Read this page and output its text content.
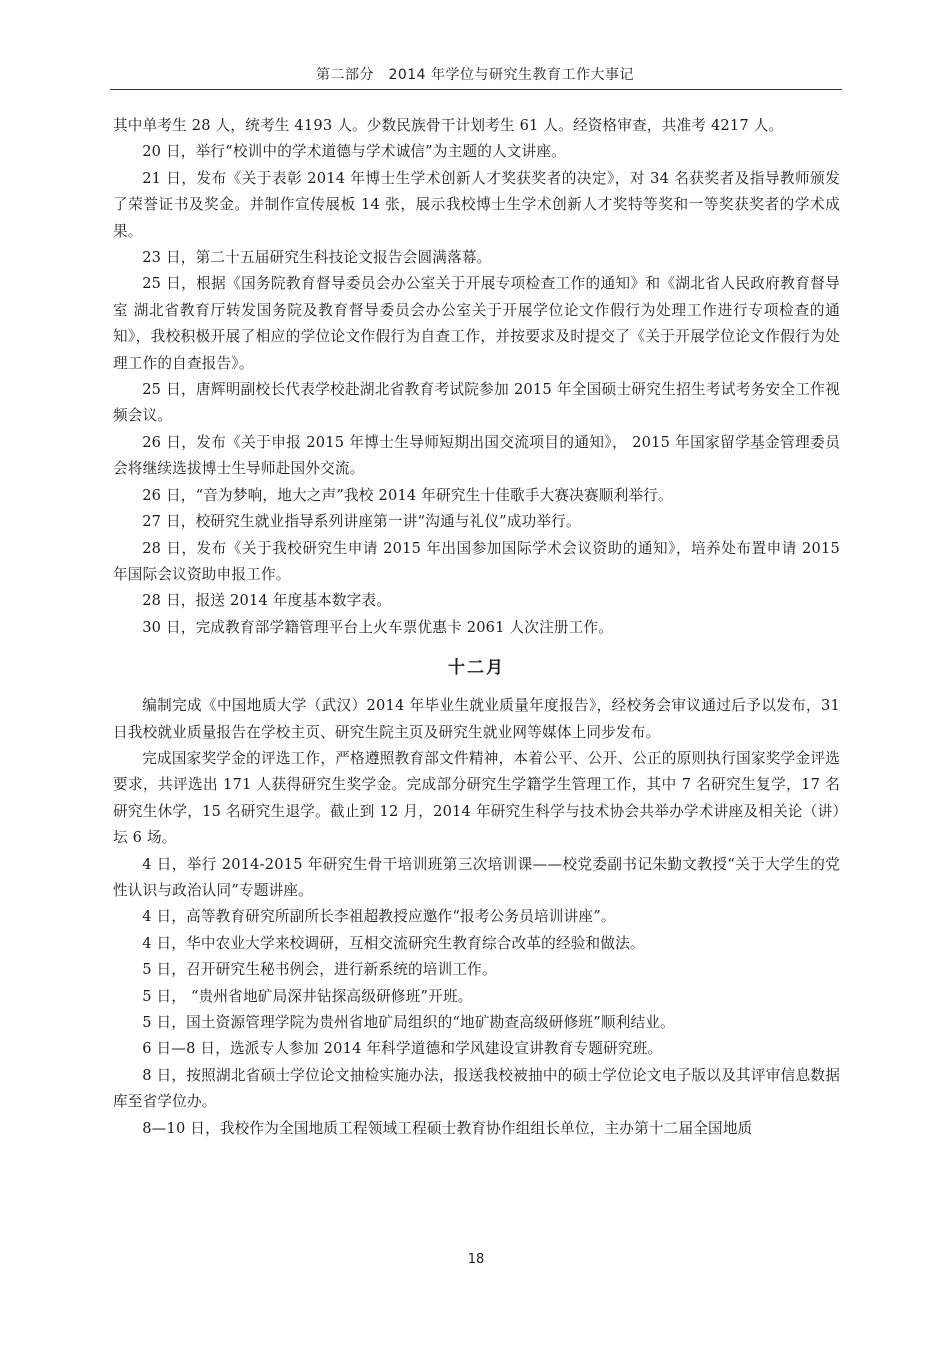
第二部分　2014 年学位与研究生教育工作大事记

其中单考生 28 人，统考生 4193 人。少数民族骨干计划考生 61 人。经资格审查，共准考 4217 人。

20 日，举行“校训中的学术道德与学术诚信”为主题的人文讲座。

21 日，发布《关于表彰 2014 年博士生学术创新人才奖获奖者的决定》，对 34 名获奖者及指导教师颁发了荣誉证书及奖金。并制作宣传展板 14 张，展示我校博士生学术创新人才奖特等奖和一等奖获奖者的学术成果。

23 日，第二十五届研究生科技论文报告会圆满落幕。

25 日，根据《国务院教育督导委员会办公室关于开展专项检查工作的通知》和《湖北省人民政府教育督导室 湖北省教育厅转发国务院及教育督导委员会办公室关于开展学位论文作假行为处理工作进行专项检查的通知》，我校积极开展了相应的学位论文作假行为自查工作，并按要求及时提交了《关于开展学位论文作假行为处理工作的自查报告》。

25 日，唐辉明副校长代表学校赴湖北省教育考试院参加 2015 年全国硕士研究生招生考试考务安全工作视频会议。

26 日，发布《关于申报 2015 年博士生导师短期出国交流项目的通知》， 2015 年国家留学基金管理委员会将继续选拔博士生导师赴国外交流。

26 日，“音为梦响，地大之声”我校 2014 年研究生十佳歌手大赛决赛顺利举行。

27 日，校研究生就业指导系列讲座第一讲“沟通与礼仪”成功举行。

28 日，发布《关于我校研究生申请 2015 年出国参加国际学术会议资助的通知》，培养处布置申请 2015 年国际会议资助申报工作。

28 日，报送 2014 年度基本数字表。

30 日，完成教育部学籍管理平台上火车票优惠卡 2061 人次注册工作。

十二月

编制完成《中国地质大学（武汉）2014 年毕业生就业质量年度报告》，经校务会审议通过后予以发布，31 日我校就业质量报告在学校主页、研究生院主页及研究生就业网等媒体上同步发布。

完成国家奖学金的评选工作，严格遵照教育部文件精神，本着公平、公开、公正的原则执行国家奖学金评选要求，共评选出 171 人获得研究生奖学金。完成部分研究生学籍学生管理工作，其中 7 名研究生复学，17 名研究生休学，15 名研究生退学。截止到 12 月，2014 年研究生科学与技术协会共举办学术讲座及相关论（讲）坛 6 场。

4 日，举行 2014-2015 年研究生骨干培训班第三次培训课——校党委副书记朱勤文教授“关于大学生的党性认识与政治认同”专题讲座。

4 日，高等教育研究所副所长李祖超教授应邀作“报考公务员培训讲座”。

4 日，华中农业大学来校调研，互相交流研究生教育综合改革的经验和做法。

5 日，召开研究生秘书例会，进行新系统的培训工作。

5 日， “贵州省地矿局深井钻探高级研修班”开班。

5 日，国土资源管理学院为贵州省地矿局组织的“地矿勘查高级研修班”顺利结业。

6 日—8 日，选派专人参加 2014 年科学道德和学风建设宣讲教育专题研究班。

8 日，按照湖北省硕士学位论文抽检实施办法，报送我校被抽中的硕士学位论文电子版以及其评审信息数据库至省学位办。

8—10 日，我校作为全国地质工程领域工程硕士教育协作组组长单位，主办第十二届全国地质

18
